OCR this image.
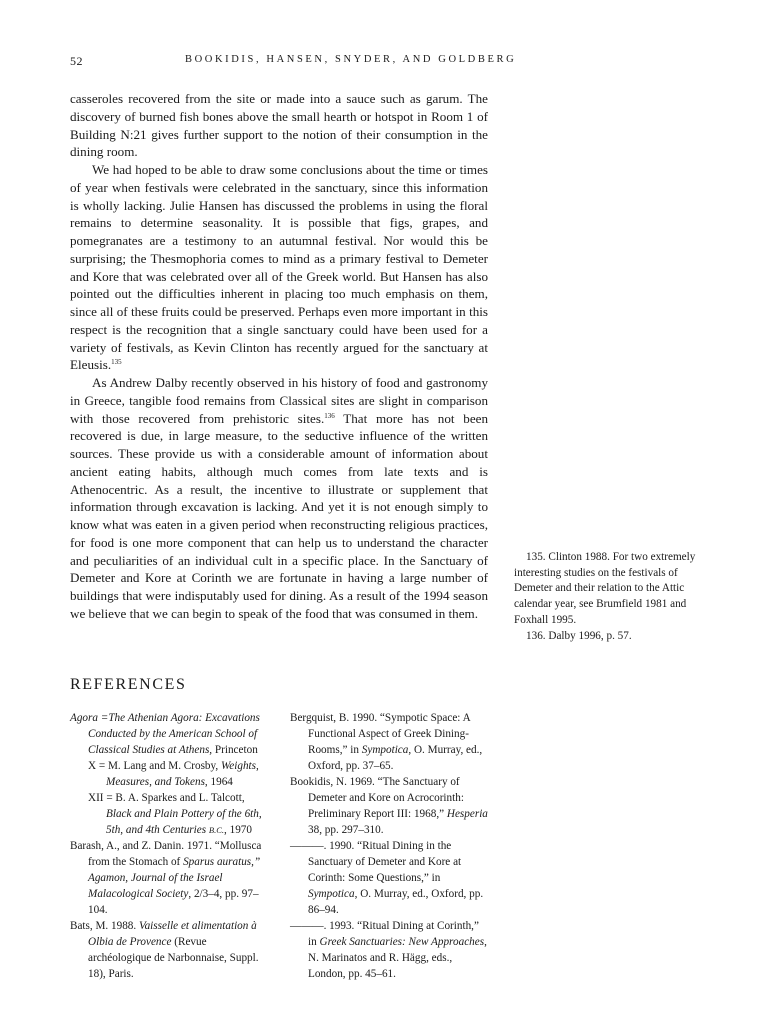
52	BOOKIDIS, HANSEN, SNYDER, AND GOLDBERG

casseroles recovered from the site or made into a sauce such as garum. The discovery of burned fish bones above the small hearth or hotspot in Room 1 of Building N:21 gives further support to the notion of their consumption in the dining room.

We had hoped to be able to draw some conclusions about the time or times of year when festivals were celebrated in the sanctuary, since this information is wholly lacking. Julie Hansen has discussed the problems in using the floral remains to determine seasonality. It is possible that figs, grapes, and pomegranates are a testimony to an autumnal festival. Nor would this be surprising; the Thesmophoria comes to mind as a primary festival to Demeter and Kore that was celebrated over all of the Greek world. But Hansen has also pointed out the difficulties inherent in placing too much emphasis on them, since all of these fruits could be preserved. Perhaps even more important in this respect is the recognition that a single sanctuary could have been used for a variety of festivals, as Kevin Clinton has recently argued for the sanctuary at Eleusis.$^{135}$

As Andrew Dalby recently observed in his history of food and gastronomy in Greece, tangible food remains from Classical sites are slight in comparison with those recovered from prehistoric sites.$^{136}$ That more has not been recovered is due, in large measure, to the seductive influence of the written sources. These provide us with a considerable amount of information about ancient eating habits, although much comes from late texts and is Athenocentric. As a result, the incentive to illustrate or supplement that information through excavation is lacking. And yet it is not enough simply to know what was eaten in a given period when reconstructing religious practices, for food is one more component that can help us to understand the character and peculiarities of an individual cult in a specific place. In the Sanctuary of Demeter and Kore at Corinth we are fortunate in having a large number of buildings that were indisputably used for dining. As a result of the 1994 season we believe that we can begin to speak of the food that was consumed in them.

135. Clinton 1988. For two extremely interesting studies on the festivals of Demeter and their relation to the Attic calendar year, see Brumfield 1981 and Foxhall 1995.

136. Dalby 1996, p. 57.

REFERENCES

Agora =The Athenian Agora: Excavations Conducted by the American School of Classical Studies at Athens, Princeton

X = M. Lang and M. Crosby, Weights, Measures, and Tokens, 1964

XII = B. A. Sparkes and L. Talcott, Black and Plain Pottery of the 6th, 5th, and 4th Centuries B.C., 1970

Barash, A., and Z. Danin. 1971. “Mollusca from the Stomach of Sparus auratus,” Agamon, Journal of the Israel Malacological Society, 2/3–4, pp. 97–104.

Bats, M. 1988. Vaisselle et alimentation à Olbia de Provence (Revue archéologique de Narbonnaise, Suppl. 18), Paris.

Bergquist, B. 1990. “Sympotic Space: A Functional Aspect of Greek Dining-Rooms,” in Sympotica, O. Murray, ed., Oxford, pp. 37–65.

Bookidis, N. 1969. “The Sanctuary of Demeter and Kore on Acrocorinth: Preliminary Report III: 1968,” Hesperia 38, pp. 297–310.

———. 1990. “Ritual Dining in the Sanctuary of Demeter and Kore at Corinth: Some Questions,” in Sympotica, O. Murray, ed., Oxford, pp. 86–94.

———. 1993. “Ritual Dining at Corinth,” in Greek Sanctuaries: New Approaches, N. Marinatos and R. Hägg, eds., London, pp. 45–61.
